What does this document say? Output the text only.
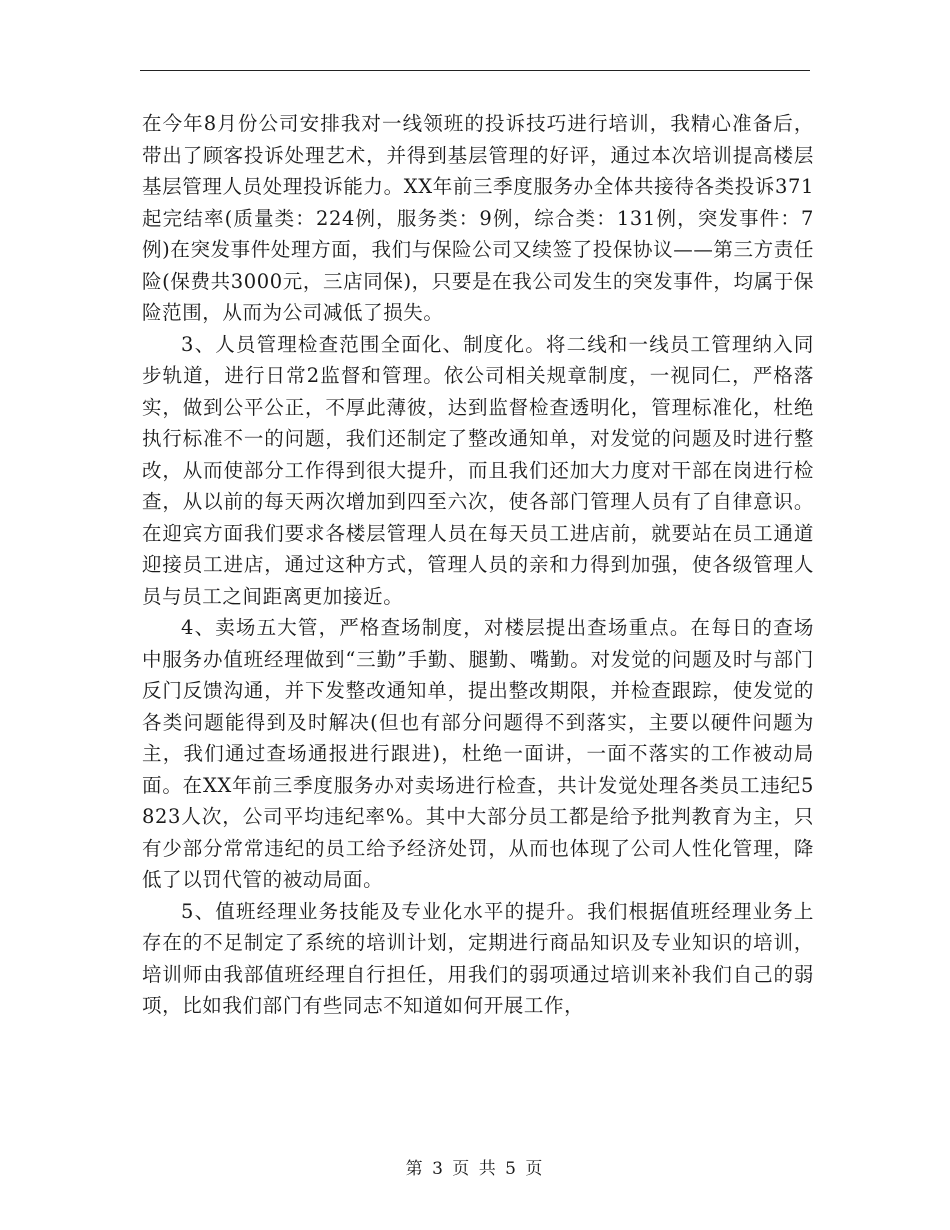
在今年8月份公司安排我对一线领班的投诉技巧进行培训，我精心准备后，带出了顾客投诉处理艺术，并得到基层管理的好评，通过本次培训提高楼层基层管理人员处理投诉能力。XX年前三季度服务办全体共接待各类投诉371起完结率(质量类：224例，服务类：9例，综合类：131例，突发事件：7例)在突发事件处理方面，我们与保险公司又续签了投保协议——第三方责任险(保费共3000元，三店同保)，只要是在我公司发生的突发事件，均属于保险范围，从而为公司减低了损失。

3、人员管理检查范围全面化、制度化。将二线和一线员工管理纳入同步轨道，进行日常2监督和管理。依公司相关规章制度，一视同仁，严格落实，做到公平公正，不厚此薄彼，达到监督检查透明化，管理标准化，杜绝执行标准不一的问题，我们还制定了整改通知单，对发觉的问题及时进行整改，从而使部分工作得到很大提升，而且我们还加大力度对干部在岗进行检查，从以前的每天两次增加到四至六次，使各部门管理人员有了自律意识。在迎宾方面我们要求各楼层管理人员在每天员工进店前，就要站在员工通道迎接员工进店，通过这种方式，管理人员的亲和力得到加强，使各级管理人员与员工之间距离更加接近。

4、卖场五大管，严格查场制度，对楼层提出查场重点。在每日的查场中服务办值班经理做到“三勤”手勤、腿勤、嘴勤。对发觉的问题及时与部门反门反馈沟通，并下发整改通知单，提出整改期限，并检查跟踪，使发觉的各类问题能得到及时解决(但也有部分问题得不到落实，主要以硬件问题为主，我们通过查场通报进行跟进)，杜绝一面讲，一面不落实的工作被动局面。在XX年前三季度服务办对卖场进行检查，共计发觉处理各类员工违纪5823人次，公司平均违纪率%。其中大部分员工都是给予批判教育为主，只有少部分常常违纪的员工给予经济处罚，从而也体现了公司人性化管理，降低了以罚代管的被动局面。

5、值班经理业务技能及专业化水平的提升。我们根据值班经理业务上存在的不足制定了系统的培训计划，定期进行商品知识及专业知识的培训，培训师由我部值班经理自行担任，用我们的弱项通过培训来补我们自己的弱项，比如我们部门有些同志不知道如何开展工作，

第 3 页 共 5 页
